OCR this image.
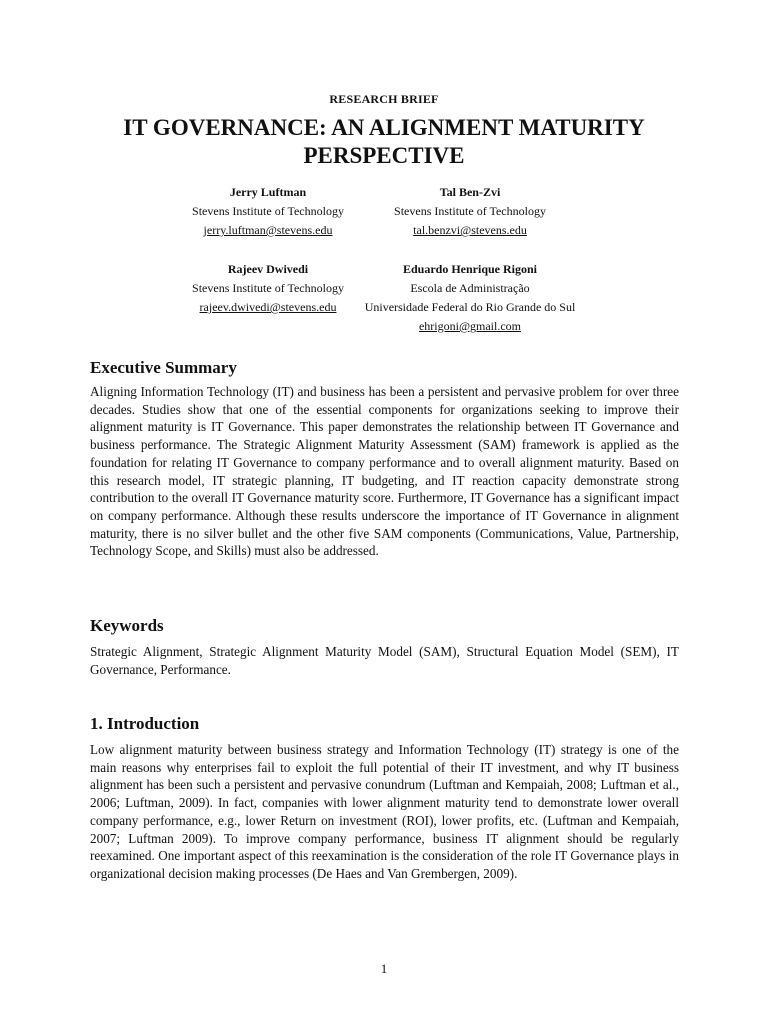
RESEARCH BRIEF
IT GOVERNANCE: AN ALIGNMENT MATURITY PERSPECTIVE
Jerry Luftman
Stevens Institute of Technology
jerry.luftman@stevens.edu
Tal Ben-Zvi
Stevens Institute of Technology
tal.benzvi@stevens.edu
Rajeev Dwivedi
Stevens Institute of Technology
rajeev.dwivedi@stevens.edu
Eduardo Henrique Rigoni
Escola de Administração
Universidade Federal do Rio Grande do Sul
ehrigoni@gmail.com
Executive Summary

Aligning Information Technology (IT) and business has been a persistent and pervasive problem for over three decades. Studies show that one of the essential components for organizations seeking to improve their alignment maturity is IT Governance. This paper demonstrates the relationship between IT Governance and business performance. The Strategic Alignment Maturity Assessment (SAM) framework is applied as the foundation for relating IT Governance to company performance and to overall alignment maturity. Based on this research model, IT strategic planning, IT budgeting, and IT reaction capacity demonstrate strong contribution to the overall IT Governance maturity score. Furthermore, IT Governance has a significant impact on company performance. Although these results underscore the importance of IT Governance in alignment maturity, there is no silver bullet and the other five SAM components (Communications, Value, Partnership, Technology Scope, and Skills) must also be addressed.

Keywords

Strategic Alignment, Strategic Alignment Maturity Model (SAM), Structural Equation Model (SEM), IT Governance, Performance.

1. Introduction

Low alignment maturity between business strategy and Information Technology (IT) strategy is one of the main reasons why enterprises fail to exploit the full potential of their IT investment, and why IT business alignment has been such a persistent and pervasive conundrum (Luftman and Kempaiah, 2008; Luftman et al., 2006; Luftman, 2009). In fact, companies with lower alignment maturity tend to demonstrate lower overall company performance, e.g., lower Return on investment (ROI), lower profits, etc. (Luftman and Kempaiah, 2007; Luftman 2009). To improve company performance, business IT alignment should be regularly reexamined. One important aspect of this reexamination is the consideration of the role IT Governance plays in organizational decision making processes (De Haes and Van Grembergen, 2009).

1
